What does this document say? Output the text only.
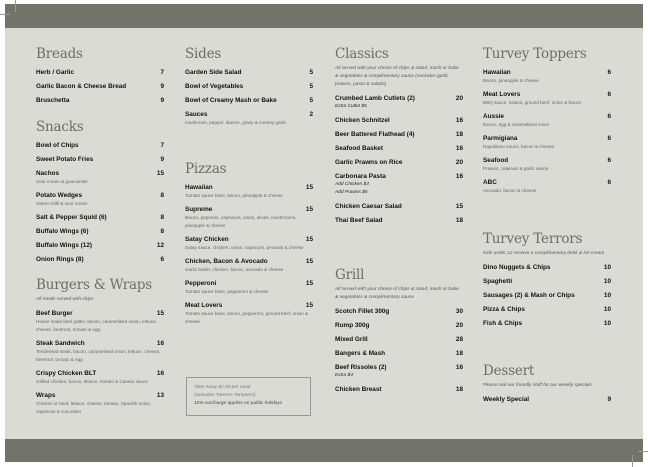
Breads
Herb / Garlic	7
Garlic Bacon & Cheese Bread	9
Bruschetta	9
Snacks
Bowl of Chips	7
Sweet Potato Fries	9
Nachos	15
Sour cream & guacamole
Potato Wedges	8
Sweet chilli & sour cream
Salt & Pepper Squid (6)	8
Buffalo Wings (6)	8
Buffalo Wings (12)	12
Onion Rings (8)	6
Burgers & Wraps
All meals served with chips
Beef Burger	15
House made beef pattie, bacon, caramelised onion, lettuce, cheese, beetroot, tomato & egg
Steak Sandwich	16
Tenderised steak, bacon, caramelised onion, lettuce, cheese, beetroot, tomato & egg
Crispy Chicken BLT	16
Grilled chicken, bacon, lettuce, tomato & Caesar sauce
Wraps	13
Chicken or beef, lettuce, cheese, tomato, Spanish onion, capsicum & cucumber
Sides
Garden Side Salad	5
Bowl of Vegetables	5
Bowl of Creamy Mash or Bake	5
Sauces	2
mushroom, pepper, dianne, gravy & creamy garlic
Pizzas
Hawaiian	15
Tomato sauce base, bacon, pineapple & cheese
Supreme	15
Bacon, peperoni, capsicum, onion, olives, mushrooms, pineapple & cheese
Satay Chicken	15
Satay sauce, chicken, onion, capsicum, peanuts & cheese
Chicken, Bacon & Avocado	15
Garlic butter, chicken, bacon, avocado & cheese
Pepperoni	15
Tomato sauce base, pepperoni & cheese
Meat Lovers	15
Tomato sauce base, bacon, pepperoni, ground beef, onion & cheese
Classics
All served with your choice of chips & salad, mash or bake & vegetables & complimentary sauce (excludes garlic prawns, pasta & salads)
Crumbed Lamb Cutlets (2)	20
Extra Cutlet $5
Chicken Schnitzel	16
Beer Battered Flathead (4)	18
Seafood Basket	16
Garlic Prawns on Rice	20
Carbonara Pasta	16
Add Chicken $4
Add Prawns $5
Chicken Caesar Salad	15
Thai Beef Salad	18
Grill
All served with your choice of chips & salad, mash or bake & vegetables & complimentary sauce
Scotch Fillet 300g	30
Rump 300g	20
Mixed Grill	28
Bangers & Mash	18
Beef Rissoles (2)	16
Extra $4
Chicken Breast	18
Turvey Toppers
Hawaiian	6
Bacon, pineapple & cheese
Meat Lovers	6
BBQ sauce, salami, ground beef, onion & bacon
Aussie	6
Bacon, egg & caramelised onion
Parmigiana	6
Napolitano sauce, bacon & cheese
Seafood	6
Prawns, calamari & garlic sauce
ABC	6
Avocado, bacon & cheese
Turvey Terrors
Kids under 12 receive a complimentary drink & ice cream
Dino Nuggets & Chips	10
Spaghetti	10
Sausages (2) & Mash or Chips	10
Pizza & Chips	10
Fish & Chips	10
Dessert
Please ask our friendly staff for our weekly specials
Weekly Special	9
Take Away $2.50 per meal
(excludes Taverns Tempters)
10% surcharge applies on public holidays
